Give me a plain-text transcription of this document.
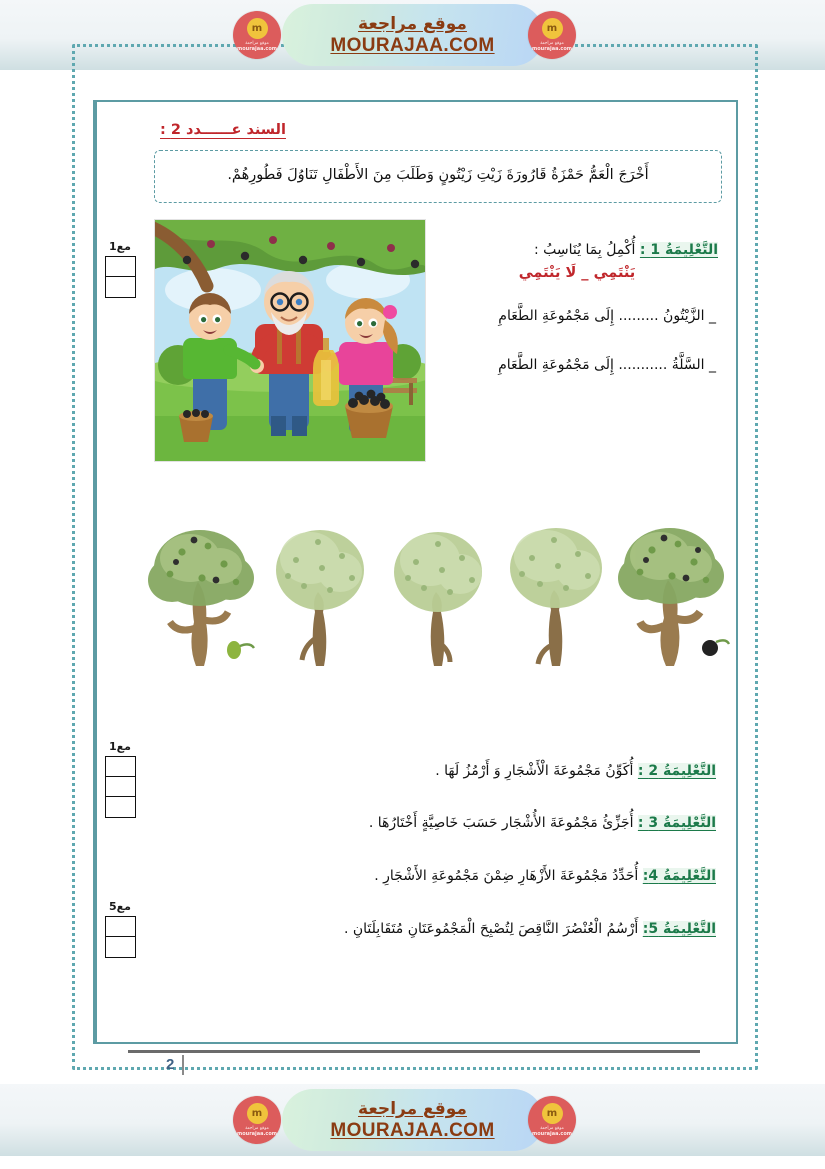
m
موقع مراجعة
mourajaa.com
موقع مراجعة
MOURAJAA.COM
m
موقع مراجعة
mourajaa.com
مع1
مع1
مع5
السند عــــــدد 2 :
أَخْرَجَ الْعَمُّ حَمْزَةُ قَارُورَةَ زَيْتِ زَيْتُونٍ وَطَلَبَ مِنَ الأَطْفَالِ تَنَاوُلَ فَطُورِهُمْ.
التَّعْلِيمَةُ 1 : أُكْمِلُ بِمَا يُنَاسِبُ :
يَنْتَمِي _ لَا يَنْتَمِي
_ الزَّيْتُونُ ......... إِلَى مَجْمُوعَةِ الطَّعَامِ
_ السَّلَّةُ ........... إِلَى مَجْمُوعَةِ الطَّعَامِ
التَّعْلِيمَةُ 2 : أُكَوِّنُ مَجْمُوعَةَ الْأَشْجَارِ وَ أَرْمُزُ لَهَا .
التَّعْلِيمَةُ 3 : أُجَزِّئُ مَجْمُوعَةَ الأُشْجَار حَسَبَ خَاصِيَّةٍ أَخْتَارُهَا .
التَّعْلِيمَةُ 4: أُحَدِّدُ مَجْمُوعَةَ الأَزْهَارِ ضِمْنَ مَجْمُوعَةِ الأَشْجَارِ .
التَّعْلِيمَةُ 5: أَرْسُمُ الْعُنْصُرَ النَّاقِصَ لِتُصْبِحَ الْمَجْمُوعَتَانِ مُتَقَابِلَتَانِ .
2
m
موقع مراجعة
mourajaa.com
موقع مراجعة
MOURAJAA.COM
m
موقع مراجعة
mourajaa.com
